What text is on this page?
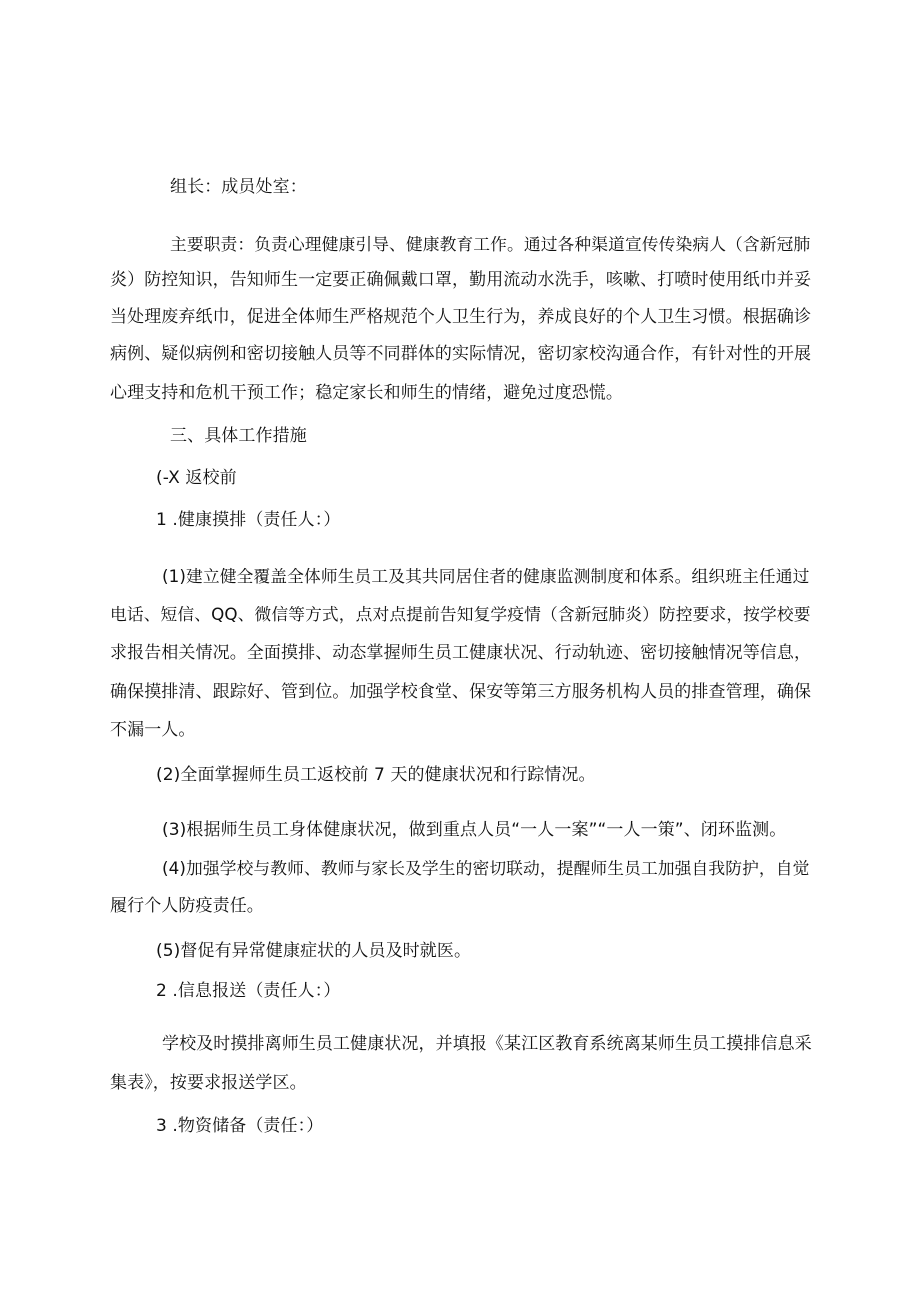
组长：成员处室：
主要职责：负责心理健康引导、健康教育工作。通过各种渠道宣传传染病人（含新冠肺
炎）防控知识，告知师生一定要正确佩戴口罩，勤用流动水洗手，咳嗽、打喷时使用纸巾并妥
当处理废弃纸巾，促进全体师生严格规范个人卫生行为，养成良好的个人卫生习惯。根据确诊
病例、疑似病例和密切接触人员等不同群体的实际情况，密切家校沟通合作，有针对性的开展
心理支持和危机干预工作；稳定家长和师生的情绪，避免过度恐慌。
三、具体工作措施
(-X 返校前
1 .健康摸排（责任人：）
(1)建立健全覆盖全体师生员工及其共同居住者的健康监测制度和体系。组织班主任通过
电话、短信、QQ、微信等方式，点对点提前告知复学疫情（含新冠肺炎）防控要求，按学校要
求报告相关情况。全面摸排、动态掌握师生员工健康状况、行动轨迹、密切接触情况等信息，
确保摸排清、跟踪好、管到位。加强学校食堂、保安等第三方服务机构人员的排查管理，确保
不漏一人。
(2)全面掌握师生员工返校前 7 天的健康状况和行踪情况。
(3)根据师生员工身体健康状况，做到重点人员“一人一案”“一人一策”、闭环监测。
(4)加强学校与教师、教师与家长及学生的密切联动，提醒师生员工加强自我防护，自觉
履行个人防疫责任。
(5)督促有异常健康症状的人员及时就医。
2 .信息报送（责任人：）
学校及时摸排离师生员工健康状况，并填报《某江区教育系统离某师生员工摸排信息采
集表》，按要求报送学区。
3 .物资储备（责任：）
